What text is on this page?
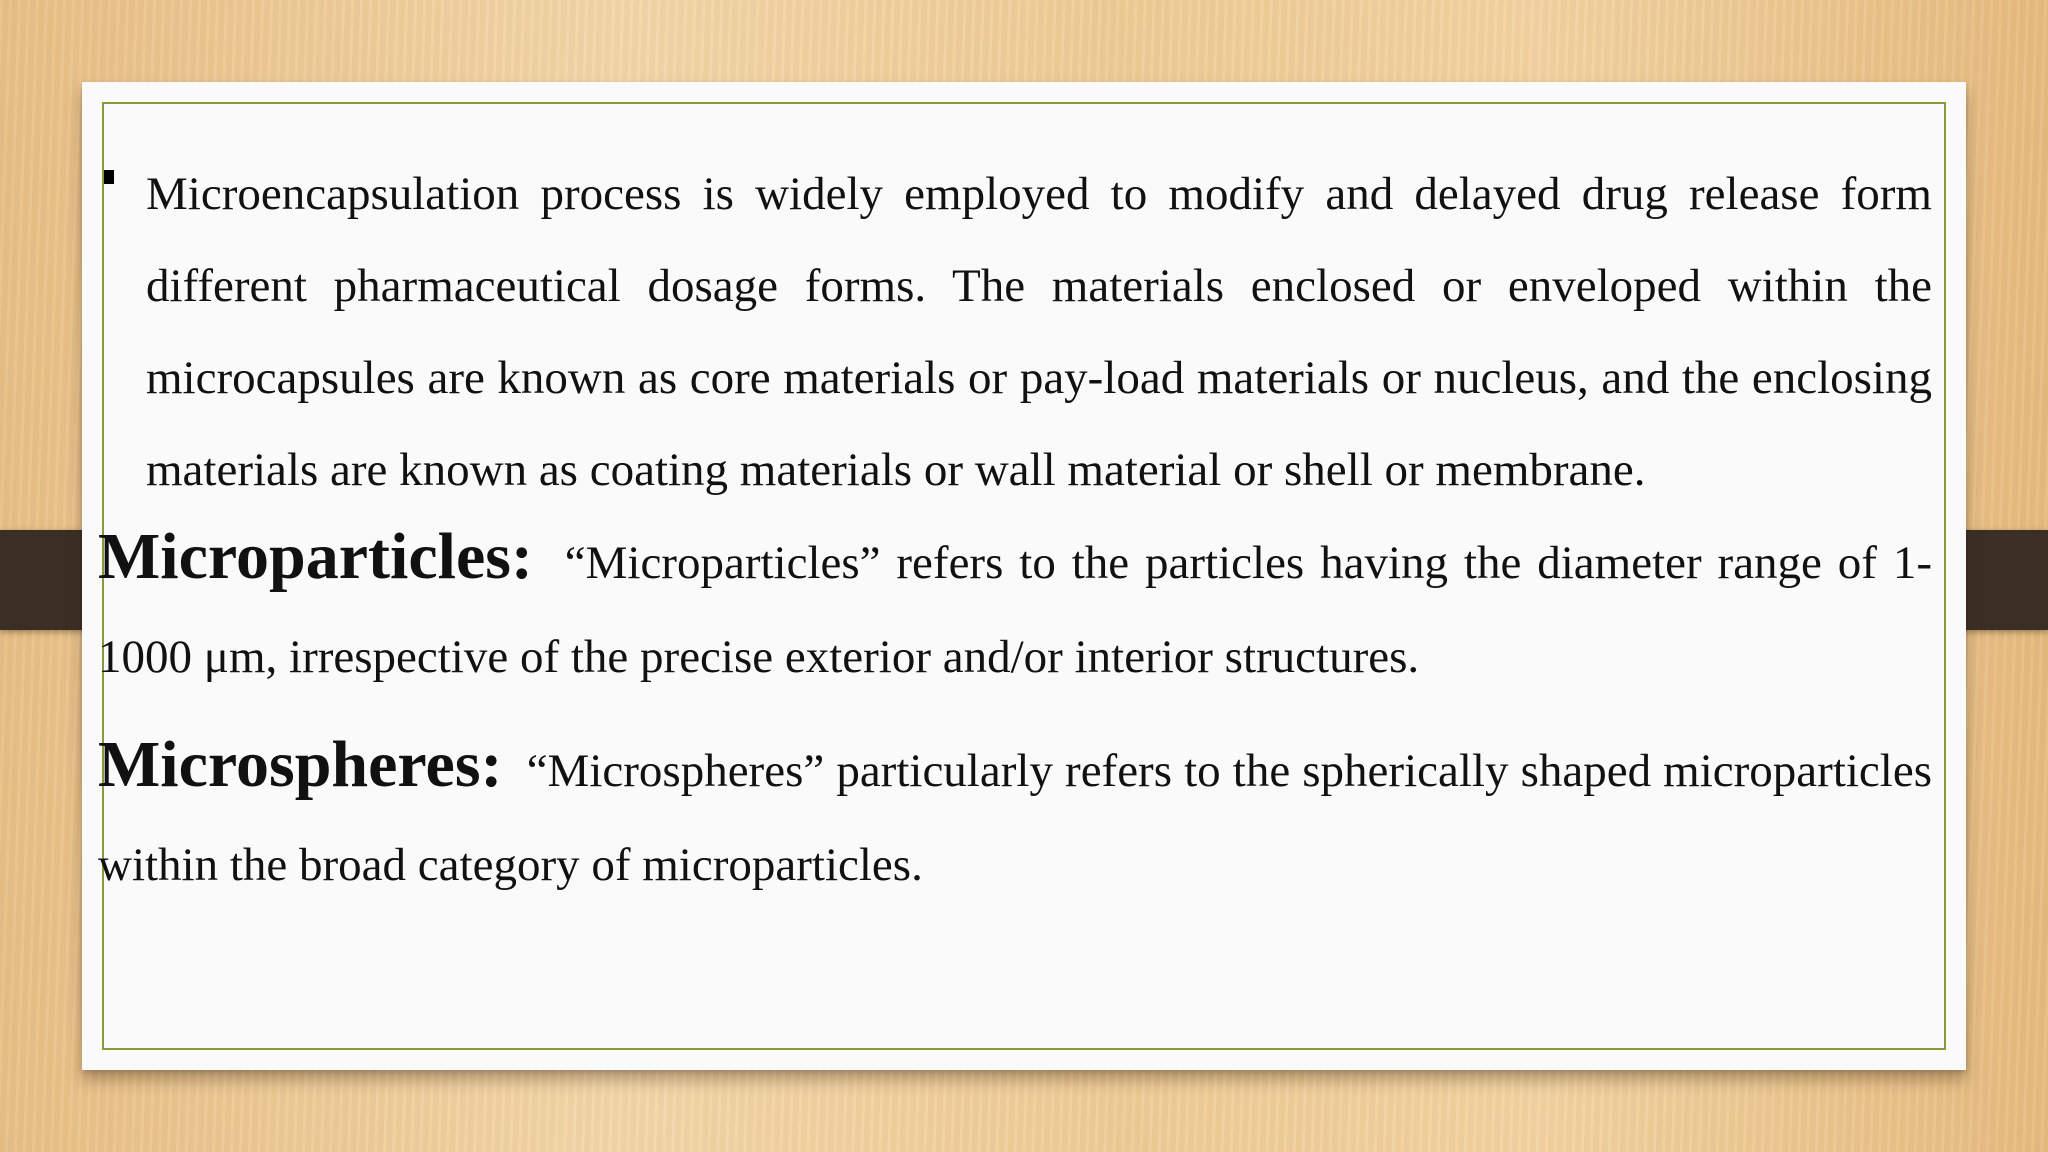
Microencapsulation process is widely employed to modify and delayed drug release form different pharmaceutical dosage forms. The materials enclosed or enveloped within the microcapsules are known as core materials or pay-load materials or nucleus, and the enclosing materials are known as coating materials or wall material or shell or membrane.

Microparticles: “Microparticles” refers to the particles having the diameter range of 1-1000 μm, irrespective of the precise exterior and/or interior structures.

Microspheres: “Microspheres” particularly refers to the spherically shaped microparticles within the broad category of microparticles.
